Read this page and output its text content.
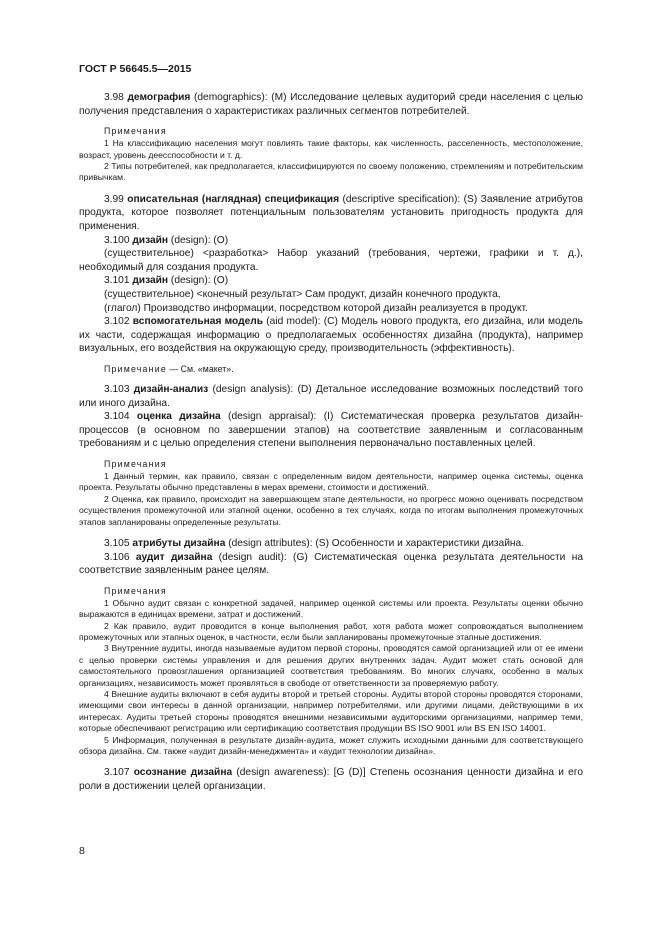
ГОСТ Р 56645.5—2015

3.98 демография (demographics): (M) Исследование целевых аудиторий среди населения с целью получения представления о характеристиках различных сегментов потребителей.

Примечания

1 На классификацию населения могут повлиять такие факторы, как численность, расселенность, местоположение, возраст, уровень деесспособности и т. д.

2 Типы потребителей, как предполагается, классифицируются по своему положению, стремлениям и потребительским привычкам.

3.99 описательная (наглядная) спецификация (descriptive specification): (S) Заявление атрибутов продукта, которое позволяет потенциальным пользователям установить пригодность продукта для применения.

3.100 дизайн (design): (O)

(существительное) <разработка> Набор указаний (требования, чертежи, графики и т. д.), необходимый для создания продукта.

3.101 дизайн (design): (O)

(существительное) <конечный результат> Сам продукт, дизайн конечного продукта,

(глагол) Производство информации, посредством которой дизайн реализуется в продукт.

3.102 вспомогательная модель (aid model): (C) Модель нового продукта, его дизайна, или модель их части, содержащая информацию о предполагаемых особенностях дизайна (продукта), например визуальных, его воздействия на окружающую среду, производительность (эффективность).

Примечание — См. «макет».

3.103 дизайн-анализ (design analysis): (D) Детальное исследование возможных последствий того или иного дизайна.

3.104 оценка дизайна (design appraisal): (I) Систематическая проверка результатов дизайн-процессов (в основном по завершении этапов) на соответствие заявленным и согласованным требованиям и с целью определения степени выполнения первоначально поставленных целей.

Примечания

1 Данный термин, как правило, связан с определенным видом деятельности, например оценка системы, оценка проекта. Результаты обычно представлены в мерах времени, стоимости и достижений.

2 Оценка, как правило, происходит на завершающем этапе деятельности, но прогресс можно оценивать посредством осуществления промежуточной или этапной оценки, особенно в тех случаях, когда по итогам выполнения промежуточных этапов запланированы определенные результаты.

3.105 атрибуты дизайна (design attributes): (S) Особенности и характеристики дизайна.

3.106 аудит дизайна (design audit): (G) Систематическая оценка результата деятельности на соответствие заявленным ранее целям.

Примечания

1 Обычно аудит связан с конкретной задачей, например оценкой системы или проекта. Результаты оценки обычно выражаются в единицах времени, затрат и достижений.

2 Как правило, аудит проводится в конце выполнения работ, хотя работа может сопровождаться выполнением промежуточных или этапных оценок, в частности, если были запланированы промежуточные этапные достижения.

3 Внутренние аудиты, иногда называемые аудитом первой стороны, проводятся самой организацией или от ее имени с целью проверки системы управления и для решения других внутренних задач. Аудит может стать основой для самостоятельного провозглашения организацией соответствия требованиям. Во многих случаях, особенно в малых организациях, независимость может проявляться в свободе от ответственности за проверяемую работу.

4 Внешние аудиты включают в себя аудиты второй и третьей стороны. Аудиты второй стороны проводятся сторонами, имеющими свои интересы в данной организации, например потребителями, или другими лицами, действующими в их интересах. Аудиты третьей стороны проводятся внешними независимыми аудиторскими организациями, например теми, которые обеспечивают регистрацию или сертификацию соответствия продукции BS ISO 9001 или BS EN ISO 14001.

5 Информация, полученная в результате дизайн-аудита, может служить исходными данными для соответствующего обзора дизайна. См. также «аудит дизайн-менеджмента» и «аудит технологии дизайна».

3.107 осознание дизайна (design awareness): [G (D)] Степень осознания ценности дизайна и его роли в достижении целей организации.

8
